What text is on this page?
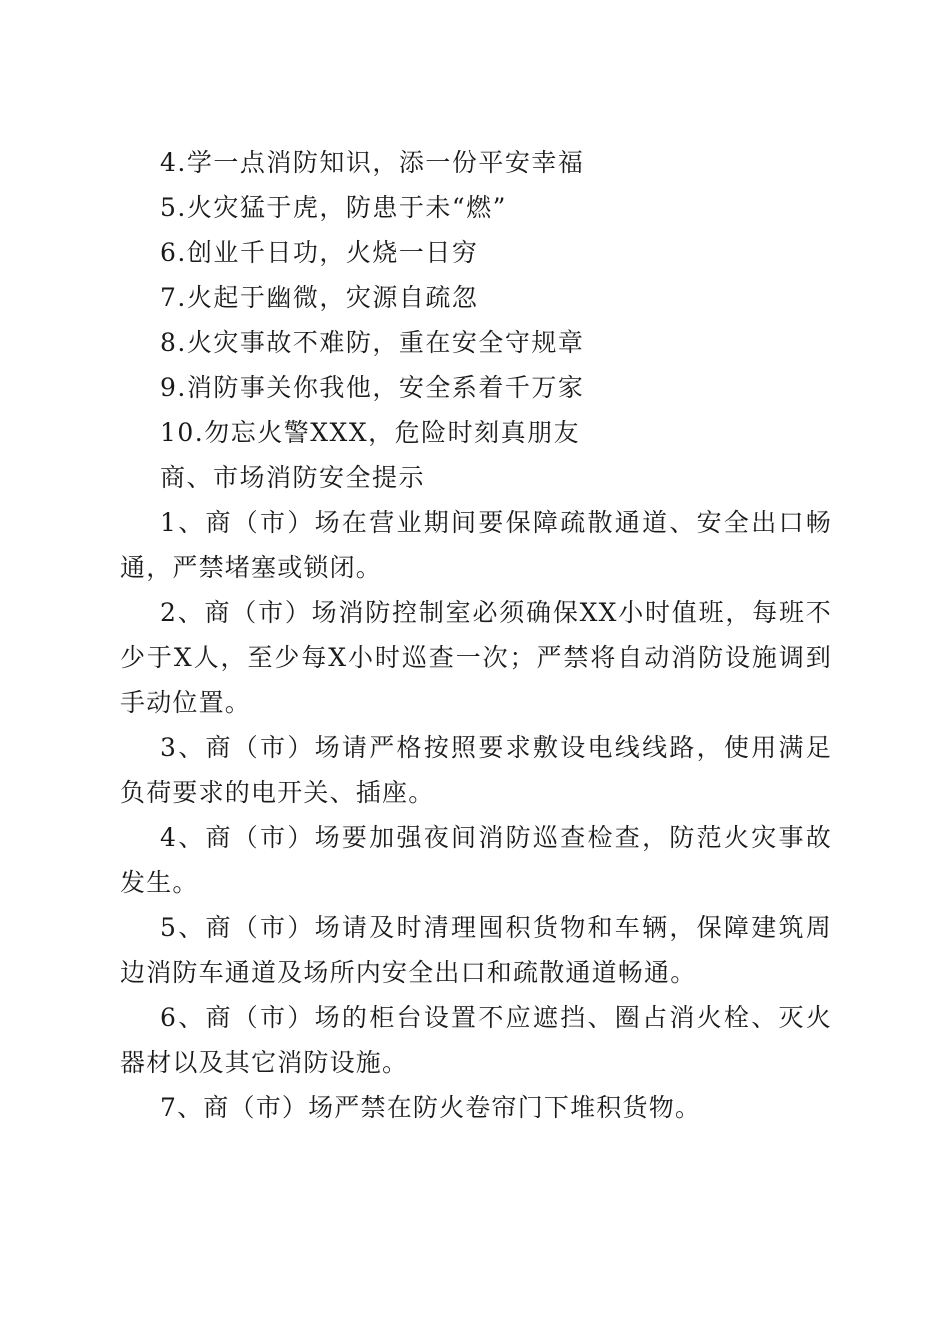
4.学一点消防知识，添一份平安幸福
5.火灾猛于虎，防患于未“燃”
6.创业千日功，火烧一日穷
7.火起于幽微，灾源自疏忽
8.火灾事故不难防，重在安全守规章
9.消防事关你我他，安全系着千万家
10.勿忘火警XXX，危险时刻真朋友
商、市场消防安全提示
1、商（市）场在营业期间要保障疏散通道、安全出口畅通，严禁堵塞或锁闭。
2、商（市）场消防控制室必须确保XX小时值班，每班不少于X人，至少每X小时巡查一次；严禁将自动消防设施调到手动位置。
3、商（市）场请严格按照要求敷设电线线路，使用满足负荷要求的电开关、插座。
4、商（市）场要加强夜间消防巡查检查，防范火灾事故发生。
5、商（市）场请及时清理囤积货物和车辆，保障建筑周边消防车通道及场所内安全出口和疏散通道畅通。
6、商（市）场的柜台设置不应遮挡、圈占消火栓、灭火器材以及其它消防设施。
7、商（市）场严禁在防火卷帘门下堆积货物。
